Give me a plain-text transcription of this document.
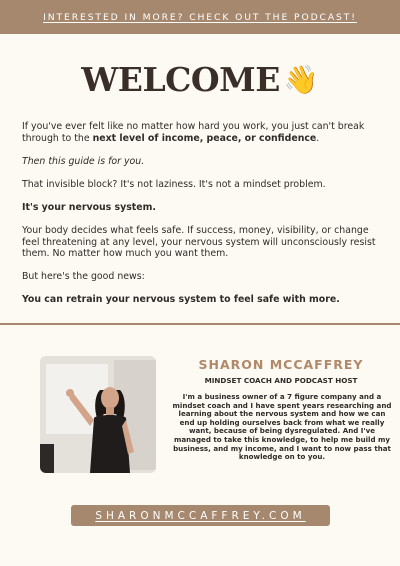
INTERESTED IN MORE? CHECK OUT THE PODCAST!
WELCOME 👋

If you've ever felt like no matter how hard you work, you just can't break through to the next level of income, peace, or confidence.

Then this guide is for you.

That invisible block? It's not laziness. It's not a mindset problem.

It's your nervous system.

Your body decides what feels safe. If success, money, visibility, or change feel threatening at any level, your nervous system will unconsciously resist them. No matter how much you want them.

But here's the good news:

You can retrain your nervous system to feel safe with more.

SHARON MCCAFFREY
MINDSET COACH AND PODCAST HOST
I'm a business owner of a 7 figure company and a mindset coach and I have spent years researching and learning about the nervous system and how we can end up holding ourselves back from what we really want, because of being dysregulated. And I've managed to take this knowledge, to help me build my business, and my income, and I want to now pass that knowledge on to you.
SHARONMCCAFFREY.COM
